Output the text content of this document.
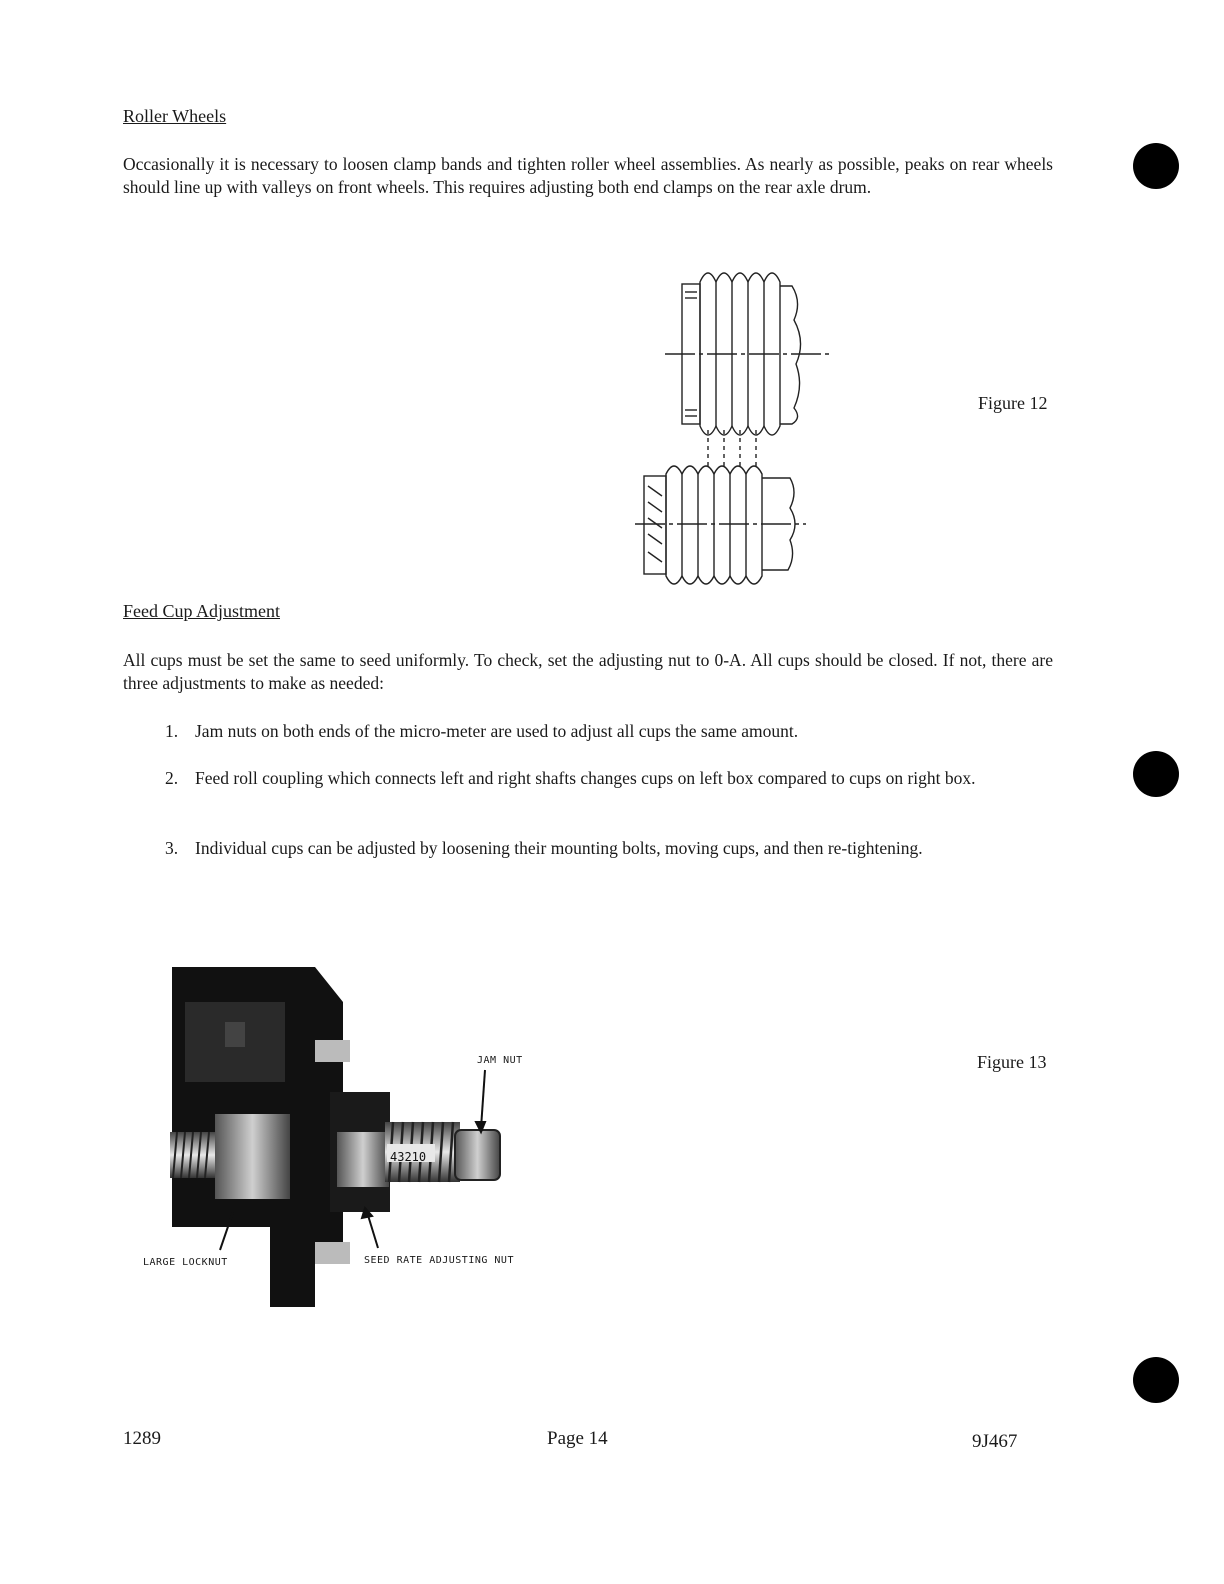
Roller Wheels
Occasionally it is necessary to loosen clamp bands and tighten roller wheel assemblies. As nearly as possible, peaks on rear wheels should line up with valleys on front wheels. This requires adjusting both end clamps on the rear axle drum.
Figure 12
Feed Cup Adjustment
All cups must be set the same to seed uniformly. To check, set the adjusting nut to 0-A. All cups should be closed. If not, there are three adjustments to make as needed:
1. Jam nuts on both ends of the micro-meter are used to adjust all cups the same amount.
2. Feed roll coupling which connects left and right shafts changes cups on left box compared to cups on right box.
3. Individual cups can be adjusted by loosening their mounting bolts, moving cups, and then re-tightening.
JAM NUT
43210
LARGE LOCKNUT	SEED RATE ADJUSTING NUT
Figure 13
1289	Page 14	9J467
